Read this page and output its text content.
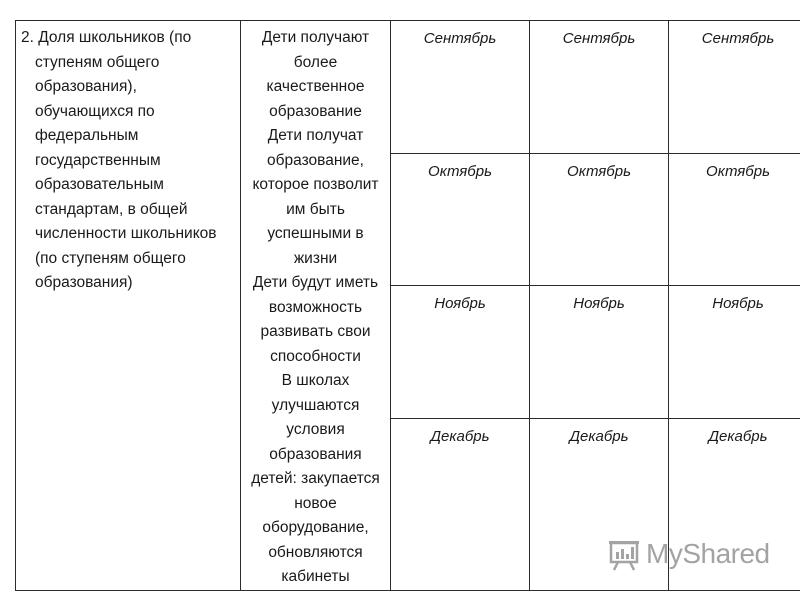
2. Доля школьников (по ступеням общего образования), обучающихся по федеральным государственным образовательным стандартам, в общей численности школьников (по ступеням общего образования)	Дети получают более качественное образование
Дети получат образование, которое позволит им быть успешными в жизни
Дети будут иметь возможность развивать свои способности
В школах улучшаются условия образования детей: закупается новое оборудование, обновляются кабинеты	Сентябрь	Сентябрь	Сентябрь
		Октябрь	Октябрь	Октябрь
		Ноябрь	Ноябрь	Ноябрь
		Декабрь	Декабрь	Декабрь
MyShared
